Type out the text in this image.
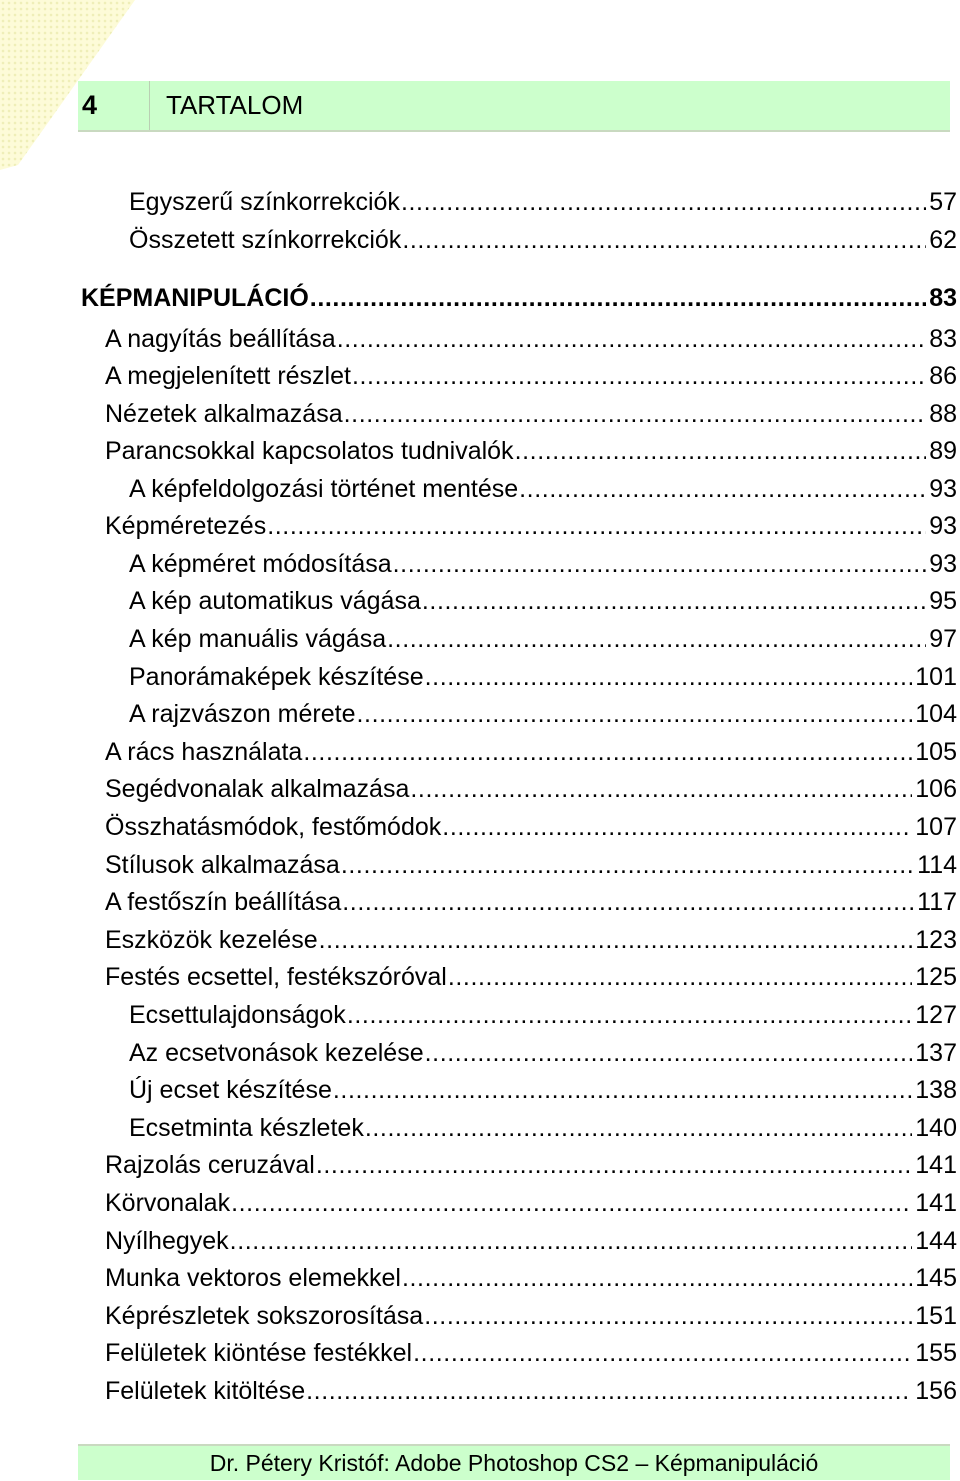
4	TARTALOM
Egyszerű színkorrekciók .....	57
Összetett színkorrekciók .....	62
KÉPMANIPULÁCIÓ .....	83
A nagyítás beállítása .....	83
A megjelenített részlet .....	86
Nézetek alkalmazása .....	88
Parancsokkal kapcsolatos tudnivalók .....	89
A képfeldolgozási történet mentése .....	93
Képméretezés .....	93
A képméret módosítása .....	93
A kép automatikus vágása .....	95
A kép manuális vágása .....	97
Panorámaképek készítése .....	101
A rajzvászon mérete .....	104
A rács használata .....	105
Segédvonalak alkalmazása .....	106
Összhatásmódok, festőmódok .....	107
Stílusok alkalmazása .....	114
A festőszín beállítása .....	117
Eszközök kezelése .....	123
Festés ecsettel, festékszóróval .....	125
Ecsettulajdonságok .....	127
Az ecsetvonások kezelése .....	137
Új ecset készítése .....	138
Ecsetminta készletek .....	140
Rajzolás ceruzával .....	141
Körvonalak .....	141
Nyílhegyek .....	144
Munka vektoros elemekkel .....	145
Képrészletek sokszorosítása .....	151
Felületek kiöntése festékkel .....	155
Felületek kitöltése .....	156
Dr. Pétery Kristóf: Adobe Photoshop CS2 – Képmanipuláció
